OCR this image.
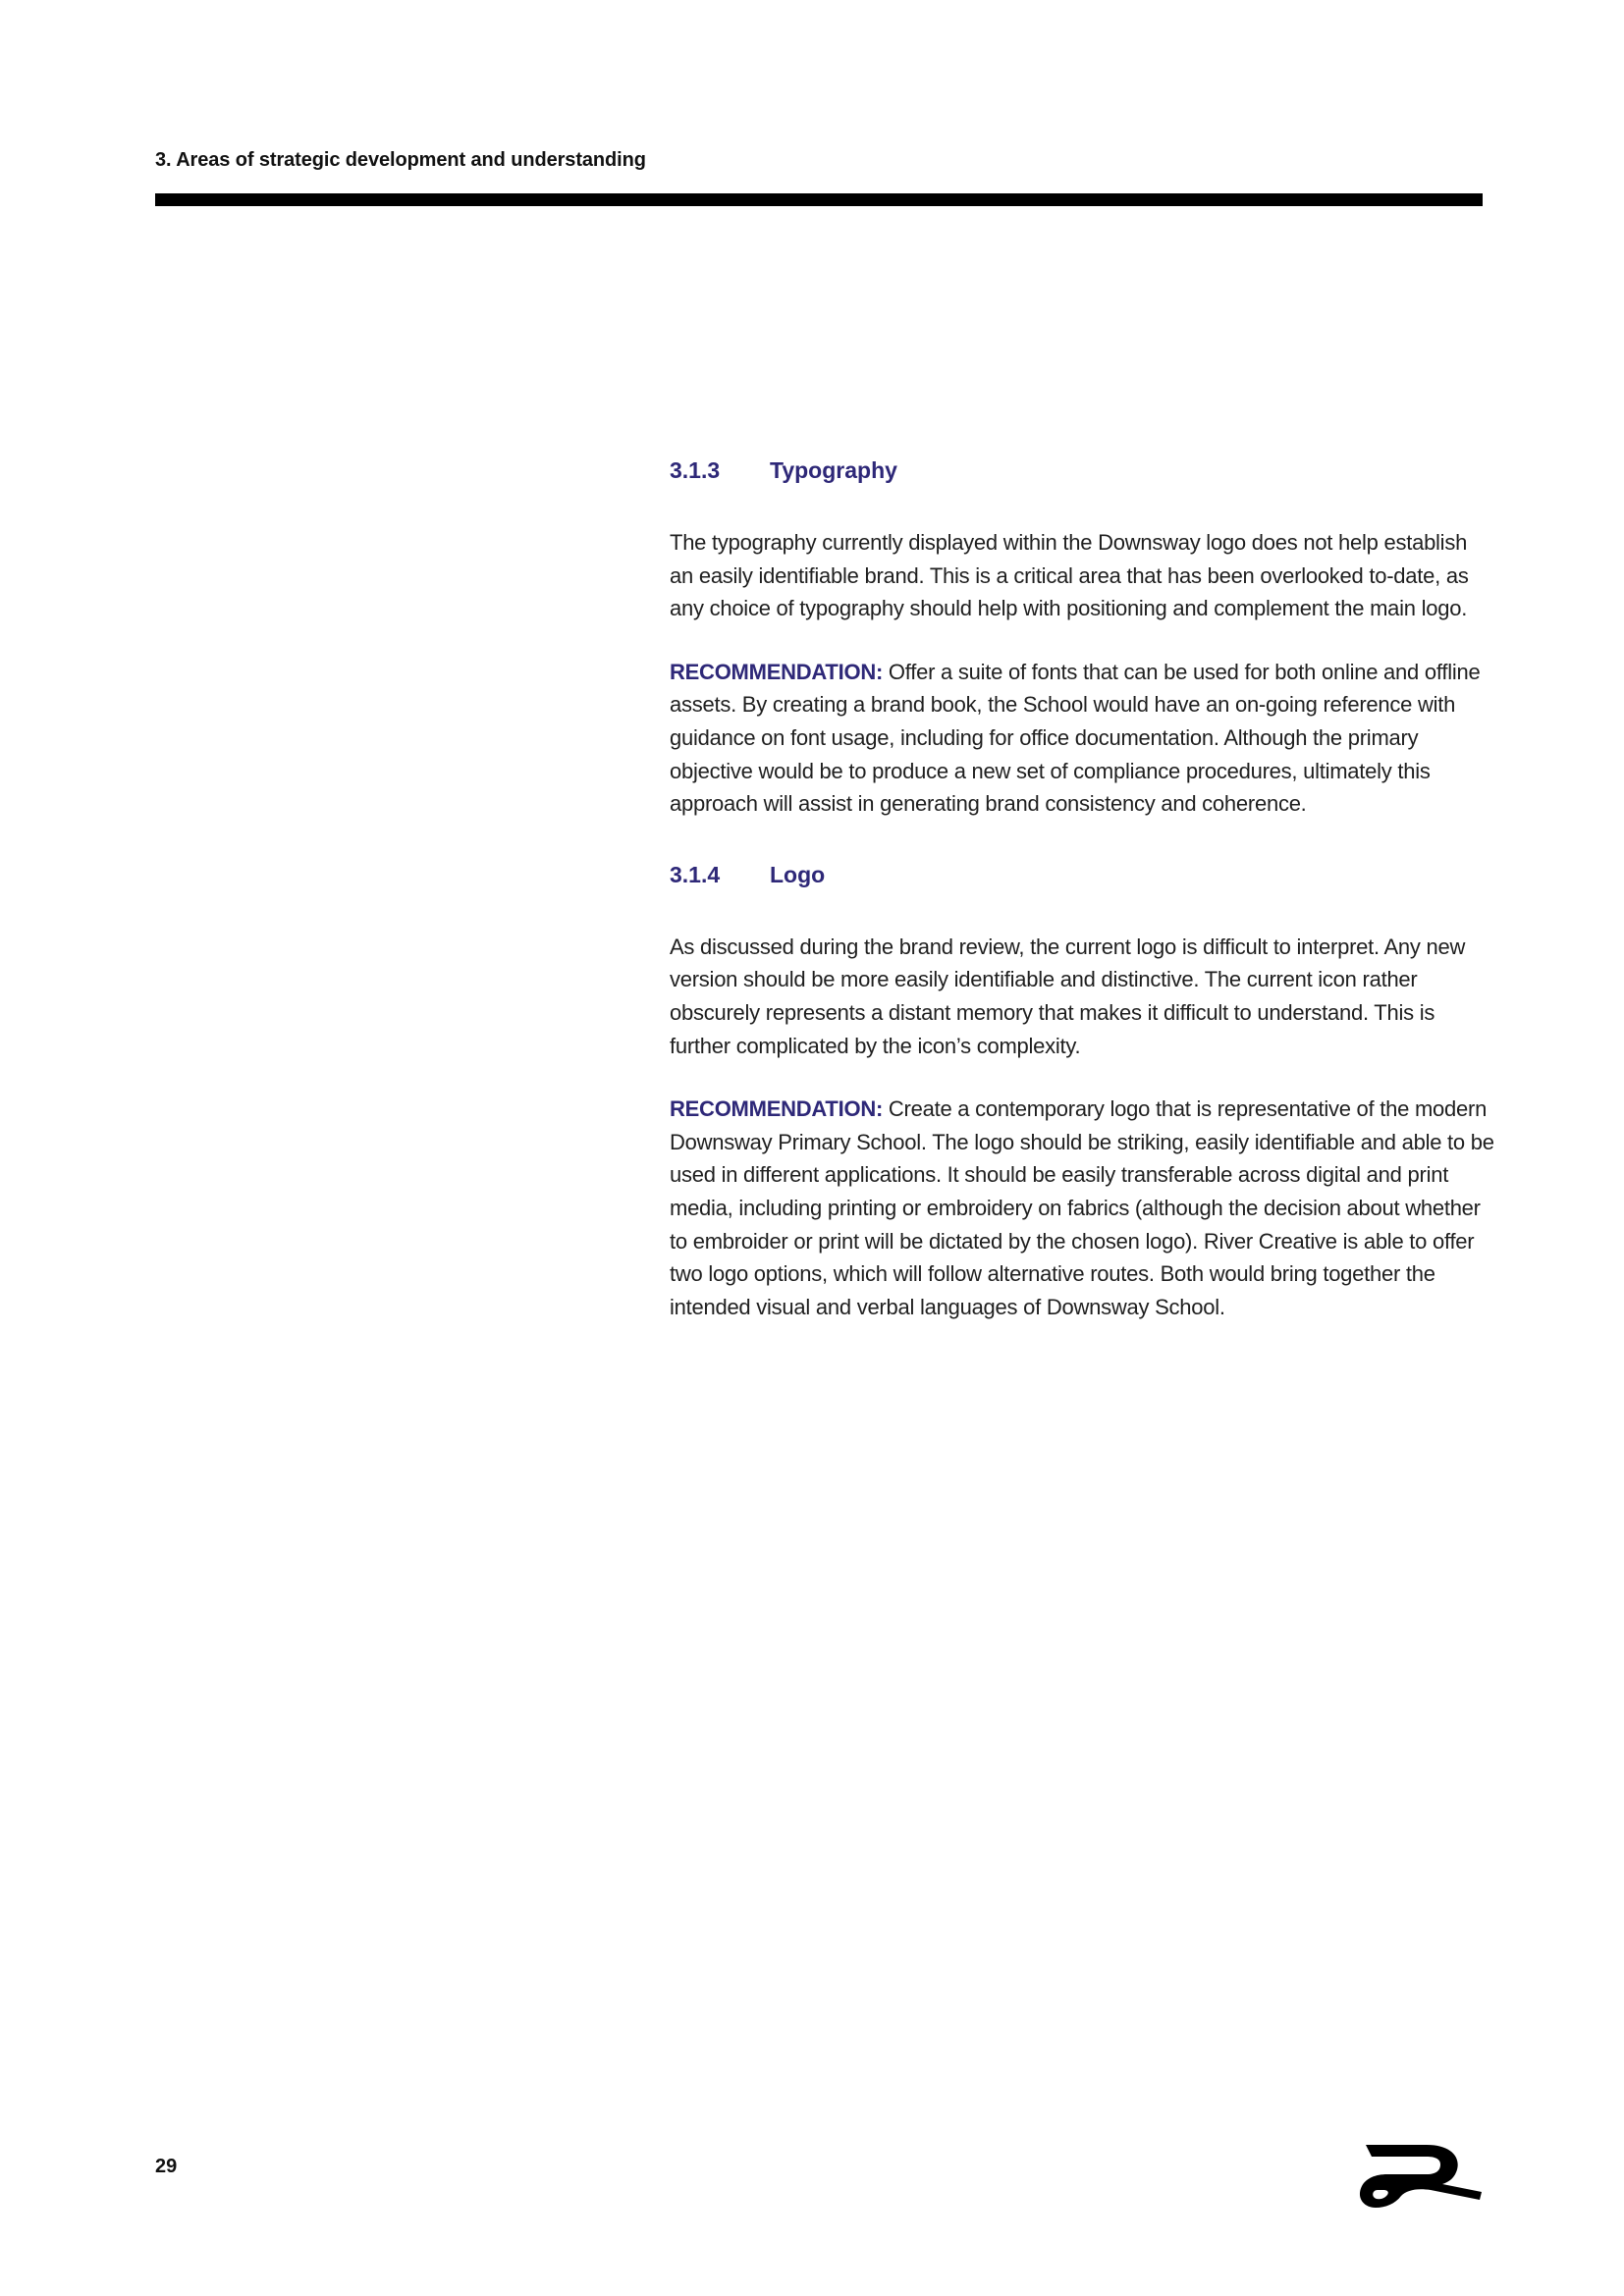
3. Areas of strategic development and understanding
3.1.3	Typography

The typography currently displayed within the Downsway logo does not help establish an easily identifiable brand. This is a critical area that has been overlooked to-date, as any choice of typography should help with positioning and complement the main logo.

RECOMMENDATION: Offer a suite of fonts that can be used for both online and offline assets. By creating a brand book, the School would have an on-going reference with guidance on font usage, including for office documentation. Although the primary objective would be to produce a new set of compliance procedures, ultimately this approach will assist in generating brand consistency and coherence.

3.1.4	Logo

As discussed during the brand review, the current logo is difficult to interpret. Any new version should be more easily identifiable and distinctive. The current icon rather obscurely represents a distant memory that makes it difficult to understand. This is further complicated by the icon’s complexity.

RECOMMENDATION: Create a contemporary logo that is representative of the modern Downsway Primary School. The logo should be striking, easily identifiable and able to be used in different applications. It should be easily transferable across digital and print media, including printing or embroidery on fabrics (although the decision about whether to embroider or print will be dictated by the chosen logo). River Creative is able to offer two logo options, which will follow alternative routes. Both would bring together the intended visual and verbal languages of Downsway School.

29
